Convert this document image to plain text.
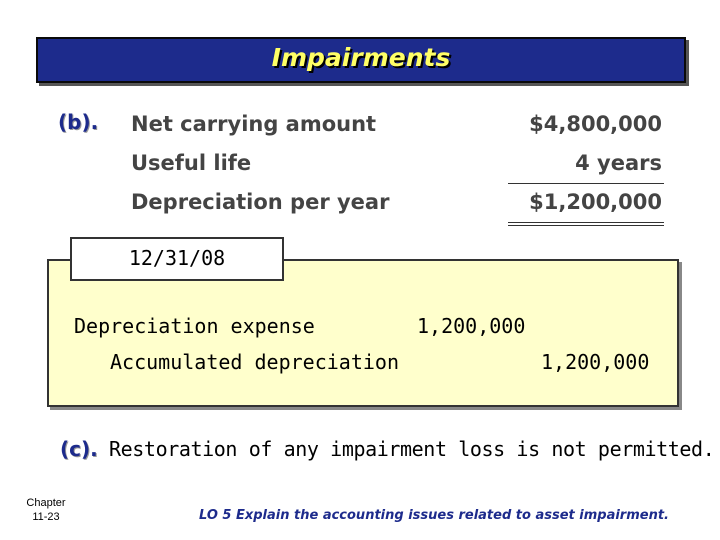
Impairments
(b). Net carrying amount	$4,800,000
Useful life	4 years
Depreciation per year	$1,200,000
12/31/08
Depreciation expense	1,200,000
Accumulated depreciation	1,200,000
(c). Restoration of any impairment loss is not permitted.
Chapter
11-23	LO 5 Explain the accounting issues related to asset impairment.
